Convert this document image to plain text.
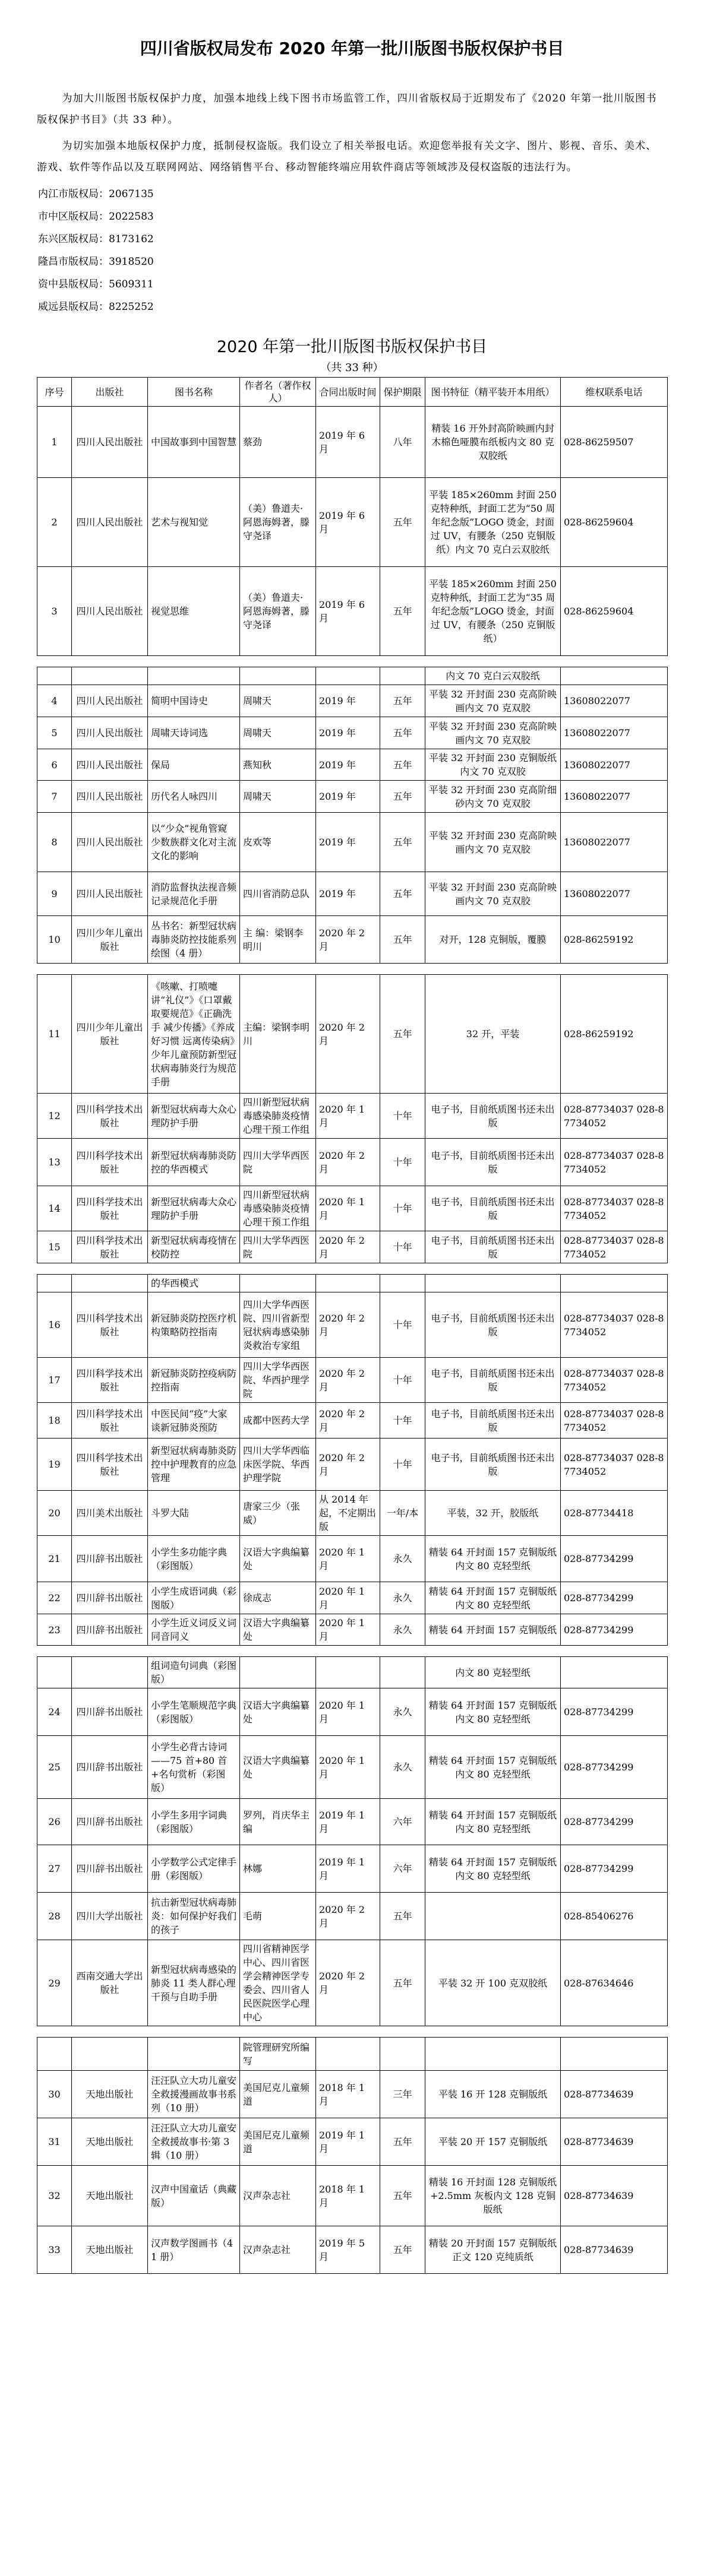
四川省版权局发布 2020 年第一批川版图书版权保护书目

为加大川版图书版权保护力度，加强本地线上线下图书市场监管工作，四川省版权局于近期发布了《2020 年第一批川版图书版权保护书目》（共 33 种）。

为切实加强本地版权保护力度，抵制侵权盗版。我们设立了相关举报电话。欢迎您举报有关文字、图片、影视、音乐、美术、游戏、软件等作品以及互联网网站、网络销售平台、移动智能终端应用软件商店等领域涉及侵权盗版的违法行为。

内江市版权局：2067135
市中区版权局：2022583
东兴区版权局：8173162
隆昌市版权局：3918520
资中县版权局：5609311
威远县版权局：8225252
2020 年第一批川版图书版权保护书目
（共 33 种）
序号	出版社	图书名称	作者名（著作权人）	合同出版时间	保护期限	图书特征（精平装开本用纸）	维权联系电话
1	四川人民出版社	中国故事到中国智慧	蔡劲	2019 年 6 月	八年	精装 16 开外封高阶映画内封木棉色哑膜布纸板内文 80 克双胶纸	028-86259507
2	四川人民出版社	艺术与视知觉	（美）鲁道夫·阿恩海姆著，滕守尧译	2019 年 6 月	五年	平装 185×260mm 封面 250 克特种纸，封面工艺为“50 周年纪念版”LOGO 烫金，封面过 UV，有腰条（250 克铜版纸）内文 70 克白云双胶纸	028-86259604
3	四川人民出版社	视觉思维	（美）鲁道夫·阿恩海姆著，滕守尧译	2019 年 6 月	五年	平装 185×260mm 封面 250 克特种纸，封面工艺为“35 周年纪念版”LOGO 烫金，封面过 UV，有腰条（250 克铜版纸）	028-86259604
						内文 70 克白云双胶纸	
4	四川人民出版社	简明中国诗史	周啸天	2019 年	五年	平装 32 开封面 230 克高阶映画内文 70 克双胶	13608022077
5	四川人民出版社	周啸天诗词选	周啸天	2019 年	五年	平装 32 开封面 230 克高阶映画内文 70 克双胶	13608022077
6	四川人民出版社	保局	燕知秋	2019 年	五年	平装 32 开封面 230 克铜版纸内文 70 克双胶	13608022077
7	四川人民出版社	历代名人咏四川	周啸天	2019 年	五年	平装 32 开封面 230 克高阶细砂内文 70 克双胶	13608022077
8	四川人民出版社	以“少众”视角管窥少数族群文化对主流文化的影响	皮欢等	2019 年	五年	平装 32 开封面 230 克高阶映画内文 70 克双胶	13608022077
9	四川人民出版社	消防监督执法视音频记录规范化手册	四川省消防总队	2019 年	五年	平装 32 开封面 230 克高阶映画内文 70 克双胶	13608022077
10	四川少年儿童出版社	丛书名：新型冠状病毒肺炎防控技能系列绘图（4 册）	主 编：梁钢李明川	2020 年 2 月	五年	对开，128 克铜版，覆膜	028-86259192
11	四川少年儿童出版社	《咳嗽、打喷嚏讲“礼仪”》《口罩戴取要规范》《正确洗手 减少传播》《养成好习惯 远离传染病》少年儿童预防新型冠状病毒肺炎行为规范手册	主编：梁钢李明川	2020 年 2 月	五年	32 开，平装	028-86259192
12	四川科学技术出版社	新型冠状病毒大众心理防护手册	四川新型冠状病毒感染肺炎疫情心理干预工作组	2020 年 1 月	十年	电子书，目前纸质图书还未出版	028-87734037 028-87734052
13	四川科学技术出版社	新型冠状病毒肺炎防控的华西模式	四川大学华西医院	2020 年 2 月	十年	电子书，目前纸质图书还未出版	028-87734037 028-87734052
14	四川科学技术出版社	新型冠状病毒大众心理防护手册	四川新型冠状病毒感染肺炎疫情心理干预工作组	2020 年 1 月	十年	电子书，目前纸质图书还未出版	028-87734037 028-87734052
15	四川科学技术出版社	新型冠状病毒疫情在校防控	四川大学华西医院	2020 年 2 月	十年	电子书，目前纸质图书还未出版	028-87734037 028-87734052
		的华西模式					
16	四川科学技术出版社	新冠肺炎防控医疗机构策略防控指南	四川大学华西医院、四川省新型冠状病毒感染肺炎救治专家组	2020 年 2 月	十年	电子书，目前纸质图书还未出版	028-87734037 028-87734052
17	四川科学技术出版社	新冠肺炎防控疫病防控指南	四川大学华西医院、华西护理学院	2020 年 2 月	十年	电子书，目前纸质图书还未出版	028-87734037 028-87734052
18	四川科学技术出版社	中医民间“疫”大家谈新冠肺炎预防	成都中医药大学	2020 年 2 月	十年	电子书，目前纸质图书还未出版	028-87734037 028-87734052
19	四川科学技术出版社	新型冠状病毒肺炎防控中护理教育的应急管理	四川大学华西临床医学院、华西护理学院	2020 年 2 月	十年	电子书，目前纸质图书还未出版	028-87734037 028-87734052
20	四川美术出版社	斗罗大陆	唐家三少（张威）	从 2014 年起，不定期出版	一年/本	平装，32 开，胶版纸	028-87734418
21	四川辞书出版社	小学生多功能字典（彩图版）	汉语大字典编纂处	2020 年 1 月	永久	精装 64 开封面 157 克铜版纸内文 80 克轻型纸	028-87734299
22	四川辞书出版社	小学生成语词典（彩图版）	徐成志	2020 年 1 月	永久	精装 64 开封面 157 克铜版纸内文 80 克轻型纸	028-87734299
23	四川辞书出版社	小学生近义词反义词同音同义	汉语大字典编纂处	2020 年 1 月	永久	精装 64 开封面 157 克铜版纸	028-87734299
		组词造句词典（彩图版）				内文 80 克轻型纸	
24	四川辞书出版社	小学生笔顺规范字典（彩图版）	汉语大字典编纂处	2020 年 1 月	永久	精装 64 开封面 157 克铜版纸内文 80 克轻型纸	028-87734299
25	四川辞书出版社	小学生必背古诗词——75 首+80 首+名句赏析（彩图版）	汉语大字典编纂处	2020 年 1 月	永久	精装 64 开封面 157 克铜版纸内文 80 克轻型纸	028-87734299
26	四川辞书出版社	小学生多用字词典（彩图版）	罗列，肖庆华主编	2019 年 1 月	六年	精装 64 开封面 157 克铜版纸内文 80 克轻型纸	028-87734299
27	四川辞书出版社	小学数学公式定律手册（彩图版）	林娜	2019 年 1 月	六年	精装 64 开封面 157 克铜版纸内文 80 克轻型纸	028-87734299
28	四川大学出版社	抗击新型冠状病毒肺炎：如何保护好我们的孩子	毛萌	2020 年 2 月	五年		028-85406276
29	西南交通大学出版社	新型冠状病毒感染的肺炎 11 类人群心理干预与自助手册	四川省精神医学中心、四川省医学会精神医学专委会、四川省人民医院医学心理中心	2020 年 2 月	五年	平装 32 开 100 克双胶纸	028-87634646
			院管理研究所编写				
30	天地出版社	汪汪队立大功儿童安全救援漫画故事书系列（10 册）	美国尼克儿童频道	2018 年 1 月	三年	平装 16 开 128 克铜版纸	028-87734639
31	天地出版社	汪汪队立大功儿童安全救援故事书·第 3 辑（10 册）	美国尼克儿童频道	2019 年 1 月	五年	平装 20 开 157 克铜版纸	028-87734639
32	天地出版社	汉声中国童话（典藏版）	汉声杂志社	2018 年 1 月	五年	精装 16 开封面 128 克铜版纸+2.5mm 灰板内文 128 克铜版纸	028-87734639
33	天地出版社	汉声数学图画书（41 册）	汉声杂志社	2019 年 5 月	五年	精装 20 开封面 157 克铜版纸正文 120 克纯质纸	028-87734639
